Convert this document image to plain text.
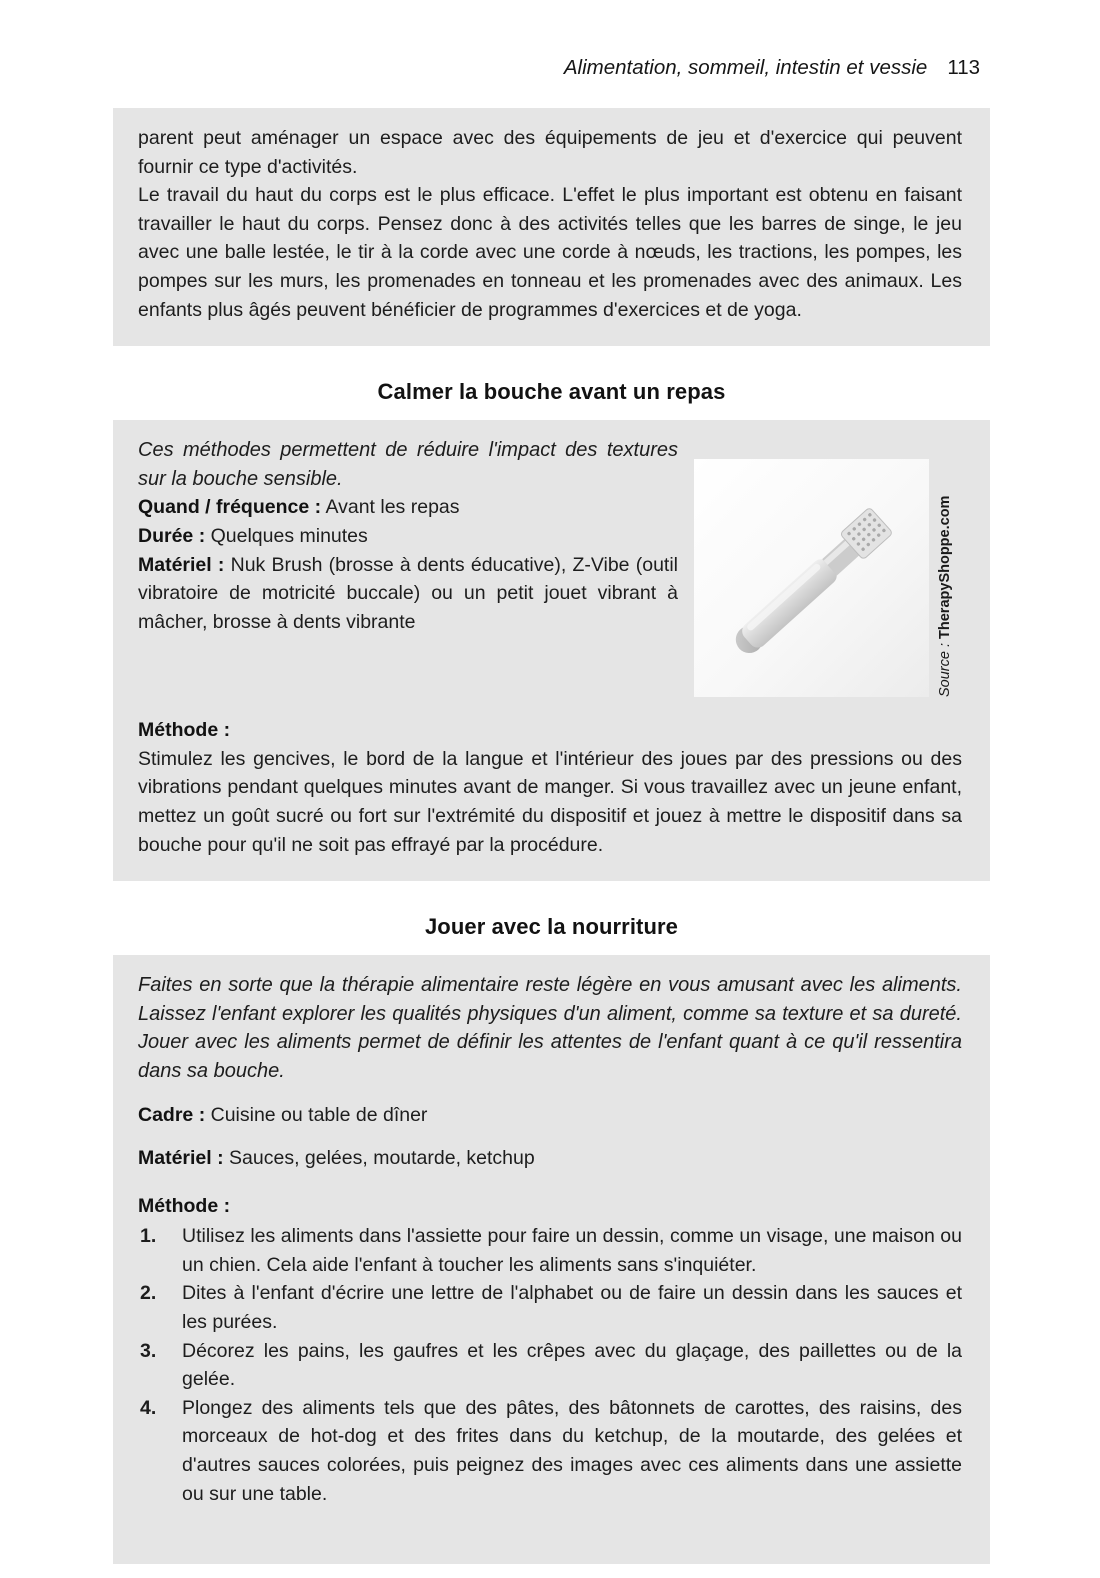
Alimentation, sommeil, intestin et vessie 113

parent peut aménager un espace avec des équipements de jeu et d'exercice qui peuvent fournir ce type d'activités.

Le travail du haut du corps est le plus efficace. L'effet le plus important est obtenu en faisant travailler le haut du corps. Pensez donc à des activités telles que les barres de singe, le jeu avec une balle lestée, le tir à la corde avec une corde à nœuds, les tractions, les pompes, les pompes sur les murs, les promenades en tonneau et les promenades avec des animaux. Les enfants plus âgés peuvent bénéficier de programmes d'exercices et de yoga.

Calmer la bouche avant un repas

Ces méthodes permettent de réduire l'impact des textures sur la bouche sensible.

Quand / fréquence : Avant les repas

Durée : Quelques minutes

Matériel : Nuk Brush (brosse à dents éducative), Z-Vibe (outil vibratoire de motricité buccale) ou un petit jouet vibrant à mâcher, brosse à dents vibrante

Source : TherapyShoppe.com

Méthode :

Stimulez les gencives, le bord de la langue et l'intérieur des joues par des pressions ou des vibrations pendant quelques minutes avant de manger. Si vous travaillez avec un jeune enfant, mettez un goût sucré ou fort sur l'extrémité du dispositif et jouez à mettre le dispositif dans sa bouche pour qu'il ne soit pas effrayé par la procédure.

Jouer avec la nourriture

Faites en sorte que la thérapie alimentaire reste légère en vous amusant avec les aliments. Laissez l'enfant explorer les qualités physiques d'un aliment, comme sa texture et sa dureté. Jouer avec les aliments permet de définir les attentes de l'enfant quant à ce qu'il ressentira dans sa bouche.

Cadre : Cuisine ou table de dîner

Matériel : Sauces, gelées, moutarde, ketchup

Méthode :

1.	Utilisez les aliments dans l'assiette pour faire un dessin, comme un visage, une maison ou un chien. Cela aide l'enfant à toucher les aliments sans s'inquiéter.
2.	Dites à l'enfant d'écrire une lettre de l'alphabet ou de faire un dessin dans les sauces et les purées.
3.	Décorez les pains, les gaufres et les crêpes avec du glaçage, des paillettes ou de la gelée.
4.	Plongez des aliments tels que des pâtes, des bâtonnets de carottes, des raisins, des morceaux de hot-dog et des frites dans du ketchup, de la moutarde, des gelées et d'autres sauces colorées, puis peignez des images avec ces aliments dans une assiette ou sur une table.
